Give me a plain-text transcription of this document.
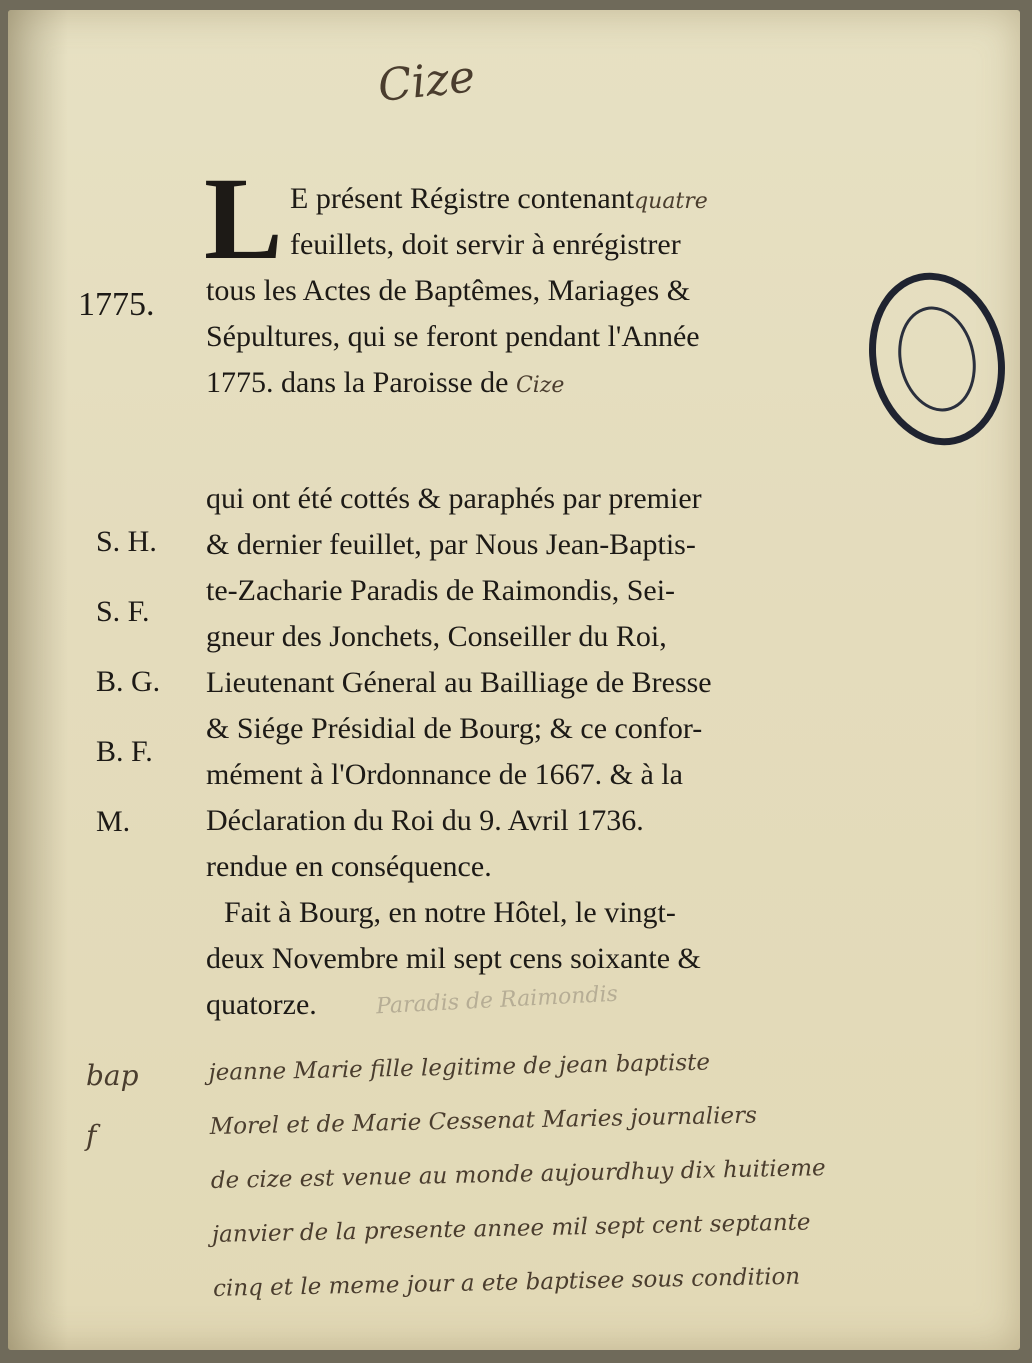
Cize
1775.
L E présent Régistre contenantquatre
feuillets, doit servir à enrégistrer
tous les Actes de Baptêmes, Mariages &
Sépultures, qui se feront pendant l'Année
1775. dans la Paroisse de Cize
S. H.
S. F.
B. G.
B. F.
M.
qui ont été cottés & paraphés par premier
& dernier feuillet, par Nous Jean-Baptis-
te-Zacharie Paradis de Raimondis, Sei-
gneur des Jonchets, Conseiller du Roi,
Lieutenant Géneral au Bailliage de Bresse
& Siége Présidial de Bourg; & ce confor-
mément à l'Ordonnance de 1667. & à la
Déclaration du Roi du 9. Avril 1736.
rendue en conséquence.
Fait à Bourg, en notre Hôtel, le vingt-
deux Novembre mil sept cens soixante &
quatorze.	Paradis de Raimondis
bap
f
jeanne Marie fille legitime de jean baptiste
Morel et de Marie Cessenat Maries journaliers
de cize est venue au monde aujourdhuy dix huitieme
janvier de la presente annee mil sept cent septante
cinq et le meme jour a ete baptisee sous condition
